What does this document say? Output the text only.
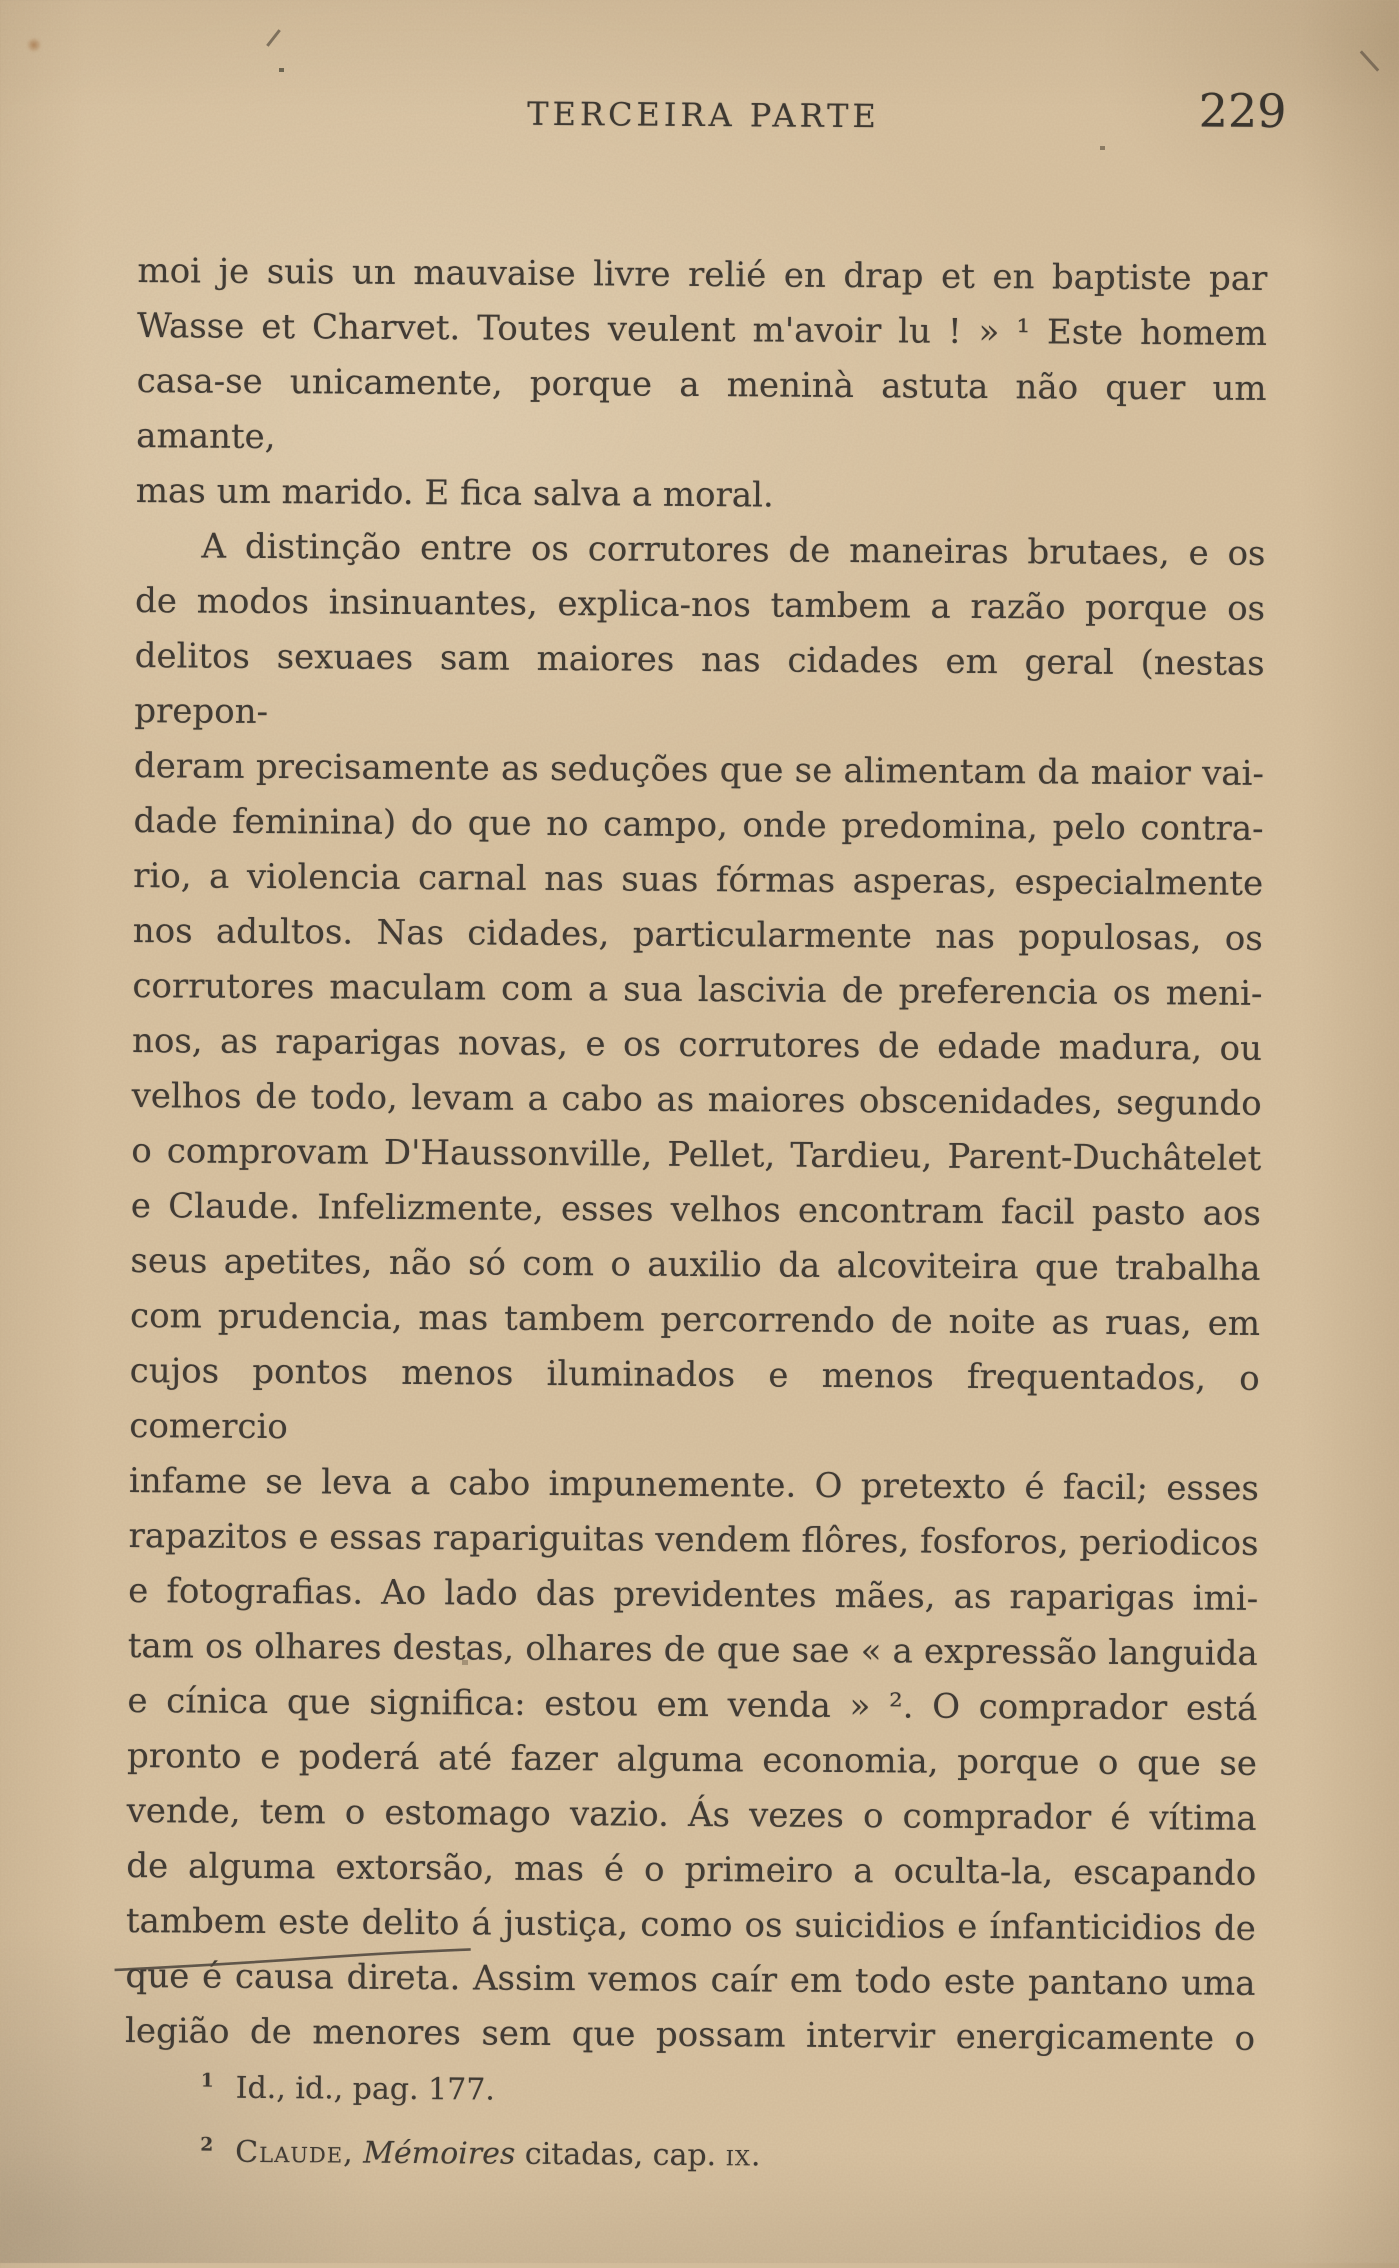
TERCEIRA PARTE	229
moi je suis un mauvaise livre relié en drap et en baptiste par
Wasse et Charvet. Toutes veulent m'avoir lu ! » ¹ Este homem
casa-se unicamente, porque a meninà astuta não quer um amante,
mas um marido. E fica salva a moral.
A distinção entre os corrutores de maneiras brutaes, e os
de modos insinuantes, explica-nos tambem a razão porque os
delitos sexuaes sam maiores nas cidades em geral (nestas prepon-
deram precisamente as seduções que se alimentam da maior vai-
dade feminina) do que no campo, onde predomina, pelo contra-
rio, a violencia carnal nas suas fórmas asperas, especialmente
nos adultos. Nas cidades, particularmente nas populosas, os
corrutores maculam com a sua lascivia de preferencia os meni-
nos, as raparigas novas, e os corrutores de edade madura, ou
velhos de todo, levam a cabo as maiores obscenidades, segundo
o comprovam D'Haussonville, Pellet, Tardieu, Parent-Duchâtelet
e Claude. Infelizmente, esses velhos encontram facil pasto aos
seus apetites, não só com o auxilio da alcoviteira que trabalha
com prudencia, mas tambem percorrendo de noite as ruas, em
cujos pontos menos iluminados e menos frequentados, o comercio
infame se leva a cabo impunemente. O pretexto é facil; esses
rapazitos e essas rapariguitas vendem flôres, fosforos, periodicos
e fotografias. Ao lado das previdentes mães, as raparigas imi-
tam os olhares destas, olhares de que sae « a expressão languida
e cínica que significa: estou em venda » ². O comprador está
pronto e poderá até fazer alguma economia, porque o que se
vende, tem o estomago vazio. Ás vezes o comprador é vítima
de alguma extorsão, mas é o primeiro a oculta-la, escapando
tambem este delito á justiça, como os suicidios e ínfanticidios de
que é causa direta. Assim vemos caír em todo este pantano uma
legião de menores sem que possam intervir energicamente o
$^1$ Id., id., pag. 177.
$^2$ Claude, Mémoires citadas, cap. ix.
